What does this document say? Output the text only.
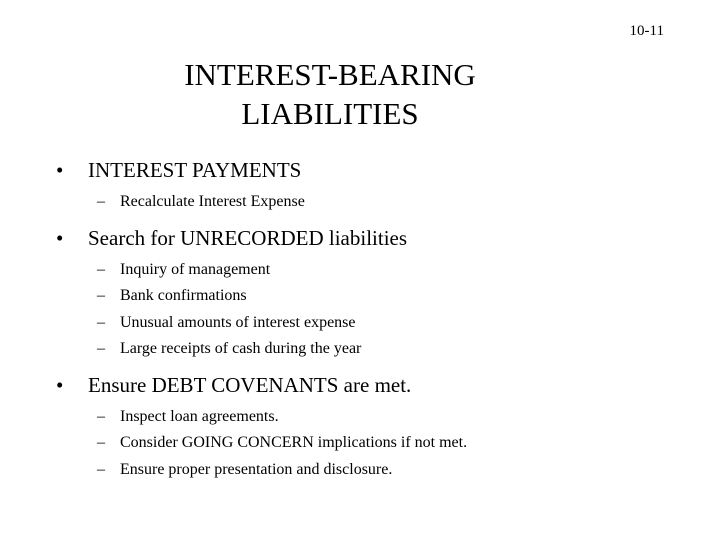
10-11
INTEREST-BEARING
LIABILITIES
• INTEREST PAYMENTS
– Recalculate Interest Expense
• Search for UNRECORDED liabilities
– Inquiry of management
– Bank confirmations
– Unusual amounts of interest expense
– Large receipts of cash during the year
• Ensure DEBT COVENANTS are met.
– Inspect loan agreements.
– Consider GOING CONCERN implications if not met.
– Ensure proper presentation and disclosure.
